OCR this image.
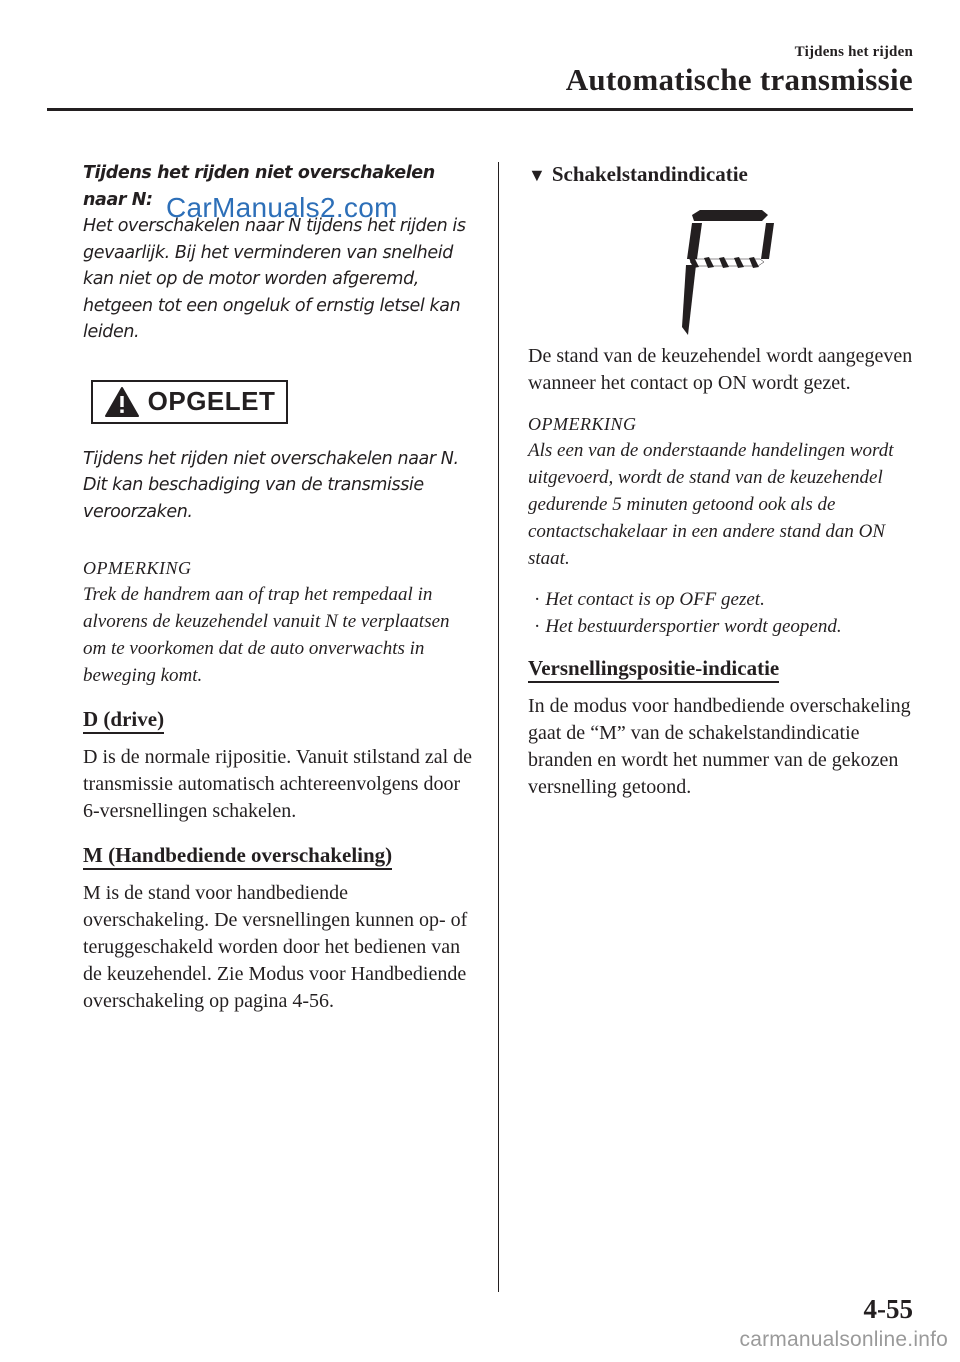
Tijdens het rijden
Automatische transmissie

Tijdens het rijden niet overschakelen naar N:

Het overschakelen naar N tijdens het rijden is gevaarlijk. Bij het verminderen van snelheid kan niet op de motor worden afgeremd, hetgeen tot een ongeluk of ernstig letsel kan leiden.

OPGELET

Tijdens het rijden niet overschakelen naar N. Dit kan beschadiging van de transmissie veroorzaken.

OPMERKING

Trek de handrem aan of trap het rempedaal in alvorens de keuzehendel vanuit N te verplaatsen om te voorkomen dat de auto onverwachts in beweging komt.

D (drive)

D is de normale rijpositie. Vanuit stilstand zal de transmissie automatisch achtereenvolgens door 6-versnellingen schakelen.

M (Handbediende overschakeling)

M is de stand voor handbediende overschakeling. De versnellingen kunnen op- of teruggeschakeld worden door het bedienen van de keuzehendel. Zie Modus voor Handbediende overschakeling op pagina 4-56.

CarManuals2.com

▼ Schakelstandindicatie

De stand van de keuzehendel wordt aangegeven wanneer het contact op ON wordt gezet.

OPMERKING

Als een van de onderstaande handelingen wordt uitgevoerd, wordt de stand van de keuzehendel gedurende 5 minuten getoond ook als de contactschakelaar in een andere stand dan ON staat.

· Het contact is op OFF gezet.
· Het bestuurdersportier wordt geopend.
Versnellingspositie-indicatie

In de modus voor handbediende overschakeling gaat de “M” van de schakelstandindicatie branden en wordt het nummer van de gekozen versnelling getoond.

4-55
carmanualsonline.info
